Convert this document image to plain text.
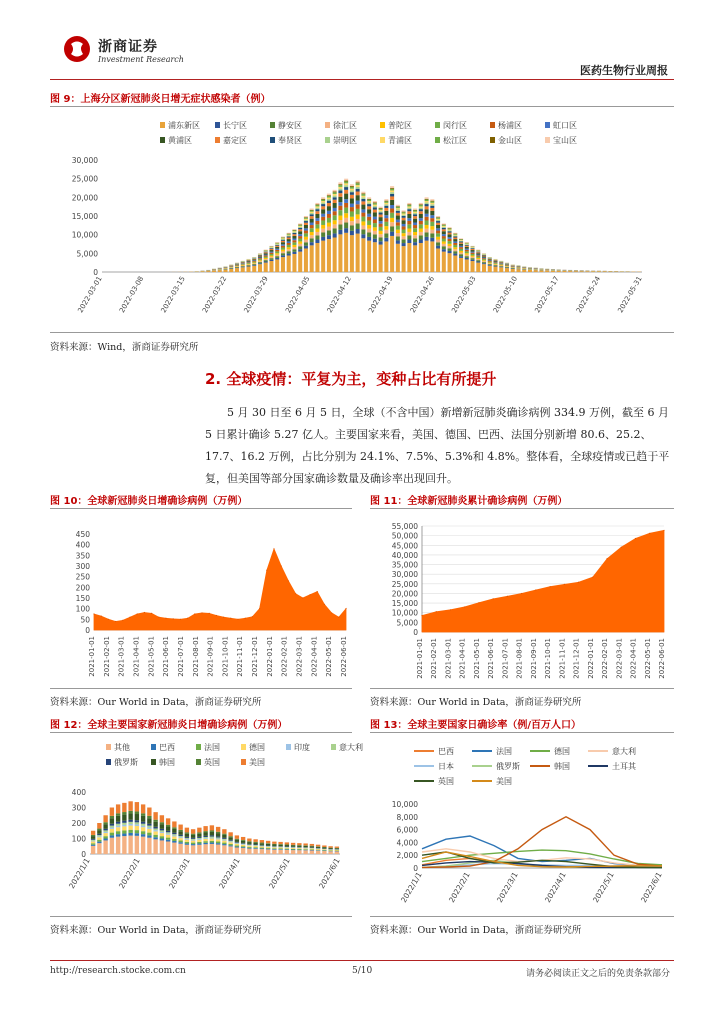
浙商证券
Investment Research
医药生物行业周报
图 9：上海分区新冠肺炎日增无症状感染者（例）
浦东新区	长宁区	静安区	徐汇区	普陀区	闵行区	杨浦区	虹口区
黄浦区	嘉定区	奉贤区	崇明区	青浦区	松江区	金山区	宝山区
0
5,000
10,000
15,000
20,000
25,000
30,000
2022-03-01 2022-03-08 2022-03-15 2022-03-22 2022-03-29 2022-04-05 2022-04-12 2022-04-19 2022-04-26 2022-05-03 2022-05-10 2022-05-17 2022-05-24 2022-05-31
资料来源：Wind，浙商证券研究所
2. 全球疫情：平复为主，变种占比有所提升
5 月 30 日至 6 月 5 日，全球（不含中国）新增新冠肺炎确诊病例 334.9 万例，截至 6 月 5 日累计确诊 5.27 亿人。主要国家来看，美国、德国、巴西、法国分别新增 80.6、25.2、17.7、16.2 万例，占比分别为 24.1%、7.5%、5.3%和 4.8%。整体看，全球疫情或已趋于平复，但美国等部分国家确诊数量及确诊率出现回升。
图 10：全球新冠肺炎日增确诊病例（万例）
0
50
100
150
200
250
300
350
400
450
2021-01-01 2021-02-01 2021-03-01 2021-04-01 2021-05-01 2021-06-01 2021-07-01 2021-08-01 2021-09-01 2021-10-01 2021-11-01 2021-12-01 2022-01-01 2022-02-01 2022-03-01 2022-04-01 2022-05-01 2022-06-01
资料来源：Our World in Data，浙商证券研究所
图 11：全球新冠肺炎累计确诊病例（万例）
0
5,000
10,000
15,000
20,000
25,000
30,000
35,000
40,000
45,000
50,000
55,000
2021-01-01 2021-02-01 2021-03-01 2021-04-01 2021-05-01 2021-06-01 2021-07-01 2021-08-01 2021-09-01 2021-10-01 2021-11-01 2021-12-01 2022-01-01 2022-02-01 2022-03-01 2022-04-01 2022-05-01 2022-06-01
资料来源：Our World in Data，浙商证券研究所
图 12：全球主要国家新冠肺炎日增确诊病例（万例）
其他	巴西	法国	德国	印度	意大利
俄罗斯	韩国	英国	美国
0
100
200
300
400
2022/1/1	2022/2/1	2022/3/1	2022/4/1	2022/5/1	2022/6/1
资料来源：Our World in Data，浙商证券研究所
图 13：全球主要国家日确诊率（例/百万人口）
巴西	法国	德国	意大利
日本	俄罗斯	韩国	土耳其
英国	美国
0
2,000
4,000
6,000
8,000
10,000
2022/1/1	2022/2/1	2022/3/1	2022/4/1	2022/5/1	2022/6/1
资料来源：Our World in Data，浙商证券研究所
http://research.stocke.com.cn	5/10	请务必阅读正文之后的免责条款部分
